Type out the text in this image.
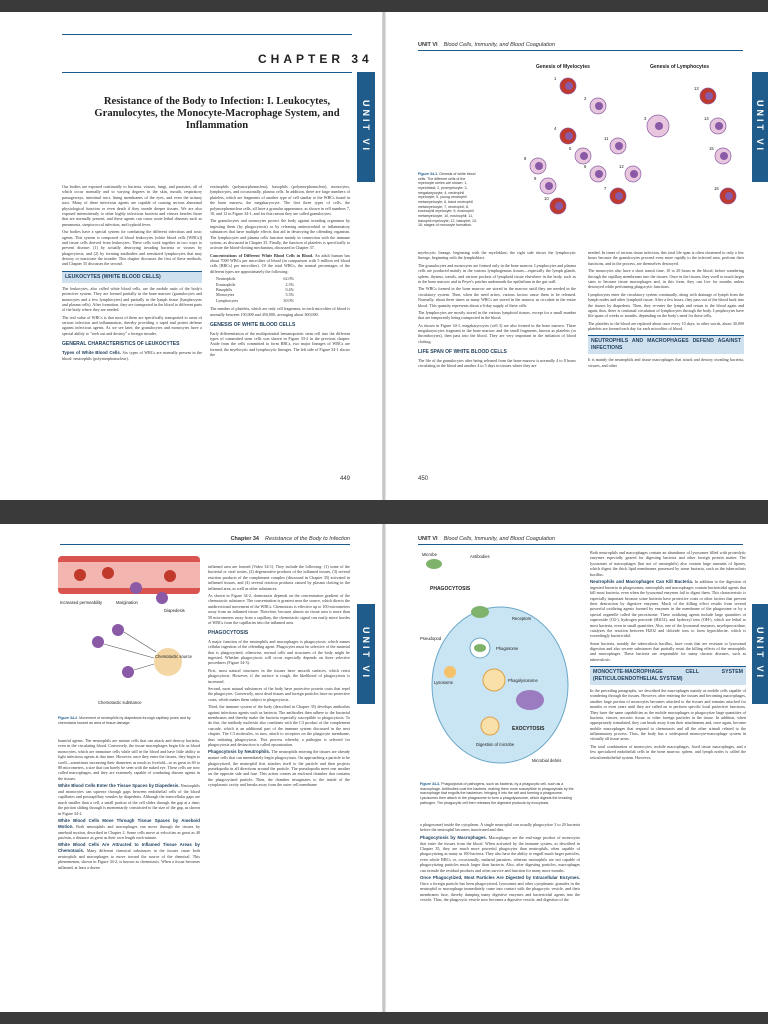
CHAPTER 34
Resistance of the Body to Infection: I. Leukocytes, Granulocytes, the Monocyte-Macrophage System, and Inflammation	UNIT VI

Our bodies are exposed continually to bacteria, viruses, fungi, and parasites, all of which occur normally and to varying degrees in the skin, mouth, respiratory passageways, intestinal tract, lining membranes of the eyes, and even the urinary tract. Many of these infectious agents are capable of causing serious abnormal physiological function or even death if they invade deeper tissues. We are also exposed intermittently to other highly infectious bacteria and viruses besides those that are normally present, and these agents can cause acute lethal diseases such as pneumonia, streptococcal infection, and typhoid fever.

Our bodies have a special system for combating the different infectious and toxic agents. This system is composed of blood leukocytes (white blood cells [WBCs]) and tissue cells derived from leukocytes. These cells work together in two ways to prevent disease: (1) by actually destroying invading bacteria or viruses by phagocytosis, and (2) by forming antibodies and sensitized lymphocytes that may destroy or inactivate the invader. This chapter discusses the first of these methods, and Chapter 35 discusses the second.

LEUKOCYTES (WHITE BLOOD CELLS)

The leukocytes, also called white blood cells, are the mobile units of the body's protective system. They are formed partially in the bone marrow (granulocytes and monocytes and a few lymphocytes) and partially in the lymph tissue (lymphocytes and plasma cells). After formation, they are transported in the blood to different parts of the body where they are needed.

The real value of WBCs is that most of them are specifically transported to areas of serious infection and inflammation, thereby providing a rapid and potent defense against infectious agents. As we see later, the granulocytes and monocytes have a special ability to "seek out and destroy" a foreign invader.

GENERAL CHARACTERISTICS OF LEUKOCYTES

Types of White Blood Cells. Six types of WBCs are normally present in the blood: neutrophils (polymorphonuclear),

eosinophils (polymorphonuclear), basophils (polymorphonuclear), monocytes, lymphocytes, and occasionally, plasma cells. In addition, there are large numbers of platelets, which are fragments of another type of cell similar to the WBCs found in the bone marrow, the megakaryocyte. The first three types of cells, the polymorphonuclear cells, all have a granular appearance, as shown in cell numbers 7, 10, and 12 in Figure 34-1, and for this reason they are called granulocytes.

The granulocytes and monocytes protect the body against invading organisms by ingesting them (by phagocytosis) or by releasing antimicrobial or inflammatory substances that have multiple effects that aid in destroying the offending organism. The lymphocytes and plasma cells function mainly in connection with the immune system, as discussed in Chapter 35. Finally, the function of platelets is specifically to activate the blood-clotting mechanism, discussed in Chapter 37.

Concentrations of Different White Blood Cells in Blood. An adult human has about 7000 WBCs per microliter of blood (in comparison with 5 million red blood cells [RBCs] per microliter). Of the total WBCs, the normal percentages of the different types are approximately the following:

Neutrophils	62.0%
Eosinophils	2.3%
Basophils	0.4%
Monocytes	5.3%
Lymphocytes	30.0%

The number of platelets, which are only cell fragments, in each microliter of blood is normally between 150,000 and 450,000, averaging about 300,000.

GENESIS OF WHITE BLOOD CELLS

Early differentiation of the multipotential hematopoietic stem cell into the different types of committed stem cells was shown in Figure 33-2 in the previous chapter. Aside from the cells committed to form RBCs, two major lineages of WBCs are formed, the myelocytic and lymphocytic lineages. The left side of Figure 34-1 shows the

449
UNIT VI Blood Cells, Immunity, and Blood Coagulation
UNIT VI
Genesis of Myelocytes	Genesis of Lymphocytes
1
2
3
4
5
6
7
8
9
10
11
12
13
14
15
16
Figure 34-1. Genesis of white blood cells. The different cells of the myelocyte series are shown: 1, myeloblast; 2, promyelocyte; 3, megakaryocyte; 4, neutrophil myelocyte; 5, young neutrophil metamyelocyte; 6, band neutrophil metamyelocyte; 7, neutrophil; 8, eosinophil myelocyte; 9, eosinophil metamyelocyte; 10, eosinophil; 11, basophil myelocyte; 12, basophil; 13-16, stages of monocyte formation.

myelocytic lineage, beginning with the myeloblast; the right side shows the lymphocytic lineage, beginning with the lymphoblast.

The granulocytes and monocytes are formed only in the bone marrow. Lymphocytes and plasma cells are produced mainly in the various lymphogenous tissues—especially the lymph glands, spleen, thymus, tonsils, and various pockets of lymphoid tissue elsewhere in the body, such as in the bone marrow and in Peyer's patches underneath the epithelium in the gut wall.

The WBCs formed in the bone marrow are stored in the marrow until they are needed in the circulatory system. Then, when the need arises, various factors cause them to be released. Normally, about three times as many WBCs are stored in the marrow as circulate in the entire blood. This quantity represents about a 6-day supply of these cells.

The lymphocytes are mostly stored in the various lymphoid tissues, except for a small number that are temporarily being transported in the blood.

As shown in Figure 34-1, megakaryocytes (cell 3) are also formed in the bone marrow. These megakaryocytes fragment in the bone marrow and the small fragments, known as platelets (or thrombocytes), then pass into the blood. They are very important in the initiation of blood clotting.

LIFE SPAN OF WHITE BLOOD CELLS

The life of the granulocytes after being released from the bone marrow is normally 4 to 8 hours circulating in the blood and another 4 to 5 days in tissues where they are

needed. In times of serious tissue infection, this total life span is often shortened to only a few hours because the granulocytes proceed even more rapidly to the infected area, perform their functions, and in the process, are themselves destroyed.

The monocytes also have a short transit time, 10 to 20 hours in the blood, before wandering through the capillary membranes into the tissues. Once in the tissues, they swell to much larger sizes to become tissue macrophages and, in this form, they can live for months unless destroyed while performing phagocytic functions.

Lymphocytes enter the circulatory system continually, along with drainage of lymph from the lymph nodes and other lymphoid tissue. After a few hours, they pass out of the blood back into the tissues by diapedesis. Then, they re-enter the lymph and return to the blood again and again; thus, there is continual circulation of lymphocytes through the body. Lymphocytes have life spans of weeks or months, depending on the body's need for these cells.

The platelets in the blood are replaced about once every 10 days; in other words, about 30,000 platelets are formed each day for each microliter of blood.

NEUTROPHILS AND MACROPHAGES DEFEND AGAINST INFECTIONS

It is mainly the neutrophils and tissue macrophages that attack and destroy invading bacteria, viruses, and other

450
Chapter 34 Resistance of the Body to Infection
UNIT VI
Increased permeability	Margination
Diapedesis
Chemotactic source
Chemotactic substance
Figure 34-2. Movement of neutrophils by diapedesis through capillary pores and by chemotaxis toward an area of tissue damage.

harmful agents. The neutrophils are mature cells that can attack and destroy bacteria, even in the circulating blood. Conversely, the tissue macrophages begin life as blood monocytes, which are immature cells while still in the blood and have little ability to fight infectious agents at that time. However, once they enter the tissues, they begin to swell—sometimes increasing their diameters as much as fivefold—to as great as 60 to 80 micrometers, a size that can barely be seen with the naked eye. These cells are now called macrophages, and they are extremely capable of combating disease agents in the tissues.

White Blood Cells Enter the Tissue Spaces by Diapedesis. Neutrophils and monocytes can squeeze through gaps between endothelial cells of the blood capillaries and postcapillary venules by diapedesis. Although the intercellular gaps are much smaller than a cell, a small portion of the cell slides through the gap at a time; the portion sliding through is momentarily constricted to the size of the gap, as shown in Figure 34-2.

White Blood Cells Move Through Tissue Spaces by Ameboid Motion. Both neutrophils and macrophages can move through the tissues by ameboid motion, described in Chapter 2. Some cells move at velocities as great as 40 μm/min, a distance as great as their own length each minute.

White Blood Cells Are Attracted to Inflamed Tissue Areas by Chemotaxis. Many different chemical substances in the tissues cause both neutrophils and macrophages to move toward the source of the chemical. This phenomenon, shown in Figure 34-2, is known as chemotaxis. When a tissue becomes inflamed, at least a dozen

inflamed area are formed (Video 34-1). They include the following: (1) some of the bacterial or viral toxins, (2) degenerative products of the inflamed tissues, (3) several reaction products of the complement complex (discussed in Chapter 35) activated in inflamed tissues, and (4) several reaction products caused by plasma clotting in the inflamed area, as well as other substances.

As shown in Figure 34-2, chemotaxis depends on the concentration gradient of the chemotactic substance. The concentration is greatest near the source, which directs the unidirectional movement of the WBCs. Chemotaxis is effective up to 100 micrometers away from an inflamed tissue. Therefore, because almost no tissue area is more than 50 micrometers away from a capillary, the chemotactic signal can easily move hordes of WBCs from the capillaries into the inflamed area.

PHAGOCYTOSIS

A major function of the neutrophils and macrophages is phagocytosis, which means cellular ingestion of the offending agent. Phagocytes must be selective of the material that is phagocytized; otherwise, normal cells and structures of the body might be ingested. Whether phagocytosis will occur especially depends on three selective procedures (Figure 34-3).

First, most natural structures in the tissues have smooth surfaces, which resist phagocytosis. However, if the surface is rough, the likelihood of phagocytosis is increased.

Second, most natural substances of the body have protective protein coats that repel the phagocytes. Conversely, most dead tissues and foreign particles have no protective coats, which makes them subject to phagocytosis.

Third, the immune system of the body (described in Chapter 35) develops antibodies against infectious agents such as bacteria. The antibodies then adhere to the bacterial membranes and thereby make the bacteria especially susceptible to phagocytosis. To do this, the antibody molecule also combines with the C3 product of the complement cascade, which is an additional part of the immune system discussed in the next chapter. The C3 molecules, in turn, attach to receptors on the phagocyte membrane, thus initiating phagocytosis. This process whereby a pathogen is selected for phagocytosis and destruction is called opsonization.

Phagocytosis by Neutrophils. The neutrophils entering the tissues are already mature cells that can immediately begin phagocytosis. On approaching a particle to be phagocytized, the neutrophil first attaches itself to the particle and then projects pseudopodia in all directions around the particle. The pseudopodia meet one another on the opposite side and fuse. This action creates an enclosed chamber that contains the phagocytized particle. Then, the chamber invaginates to the inside of the cytoplasmic cavity and breaks away from the outer cell membrane

UNIT VI Blood Cells, Immunity, and Blood Coagulation
UNIT VI
Microbe	Antibodies
PHAGOCYTOSIS
Receptors
Pseudopod
Phagosome
Lysosome	Phagolysosome
EXOCYTOSIS
Digestion of microbe
Microbial debris
Figure 34-3. Phagocytosis of pathogens, such as bacteria, by a phagocytic cell, such as a macrophage. Antibodies coat the bacteria, making them more susceptible to phagocytosis by the macrophage that engulfs the bacterium, bringing it into the cell and forming a phagosome. Lysosomes then attach to the phagosome to form a phagolysosome, which digests the invading pathogen. The phagocytic cell then releases the digested products by exocytosis.

a phagosome) inside the cytoplasm. A single neutrophil can usually phagocytize 3 to 20 bacteria before the neutrophil becomes inactivated and dies.

Phagocytosis by Macrophages. Macrophages are the end-stage product of monocytes that enter the tissues from the blood. When activated by the immune system, as described in Chapter 35, they are much more powerful phagocytes than neutrophils, often capable of phagocytizing as many as 100 bacteria. They also have the ability to engulf much larger particles, even whole RBCs or, occasionally, malarial parasites, whereas neutrophils are not capable of phagocytizing particles much larger than bacteria. Also, after digesting particles, macrophages can extrude the residual products and often survive and function for many more months.

Once Phagocytized, Most Particles Are Digested by Intracellular Enzymes. Once a foreign particle has been phagocytized, lysosomes and other cytoplasmic granules in the neutrophil or macrophage immediately come into contact with the phagocytic vesicle, and their membranes fuse, thereby dumping many digestive enzymes and bactericidal agents into the vesicle. Thus, the phagocytic vesicle now becomes a digestive vesicle, and digestion of the

Both neutrophils and macrophages contain an abundance of lysosomes filled with proteolytic enzymes especially geared for digesting bacteria and other foreign protein matter. The lysosomes of macrophages (but not of neutrophils) also contain large amounts of lipases, which digest the thick lipid membranes possessed by some bacteria, such as the tuberculosis bacillus.

Neutrophils and Macrophages Can Kill Bacteria. In addition to the digestion of ingested bacteria in phagosomes, neutrophils and macrophages contain bactericidal agents that kill most bacteria, even when the lysosomal enzymes fail to digest them. This characteristic is especially important because some bacteria have protective coats or other factors that prevent their destruction by digestive enzymes. Much of the killing effect results from several powerful oxidizing agents formed by enzymes in the membrane of the phagosome or by a special organelle called the peroxisome. These oxidizing agents include large quantities of superoxide (O2-), hydrogen peroxide (H2O2), and hydroxyl ions (OH-), which are lethal to most bacteria, even in small quantities. Also, one of the lysosomal enzymes, myeloperoxidase, catalyzes the reaction between H2O2 and chloride ions to form hypochlorite, which is exceedingly bactericidal.

Some bacteria, notably the tuberculosis bacillus, have coats that are resistant to lysosomal digestion and also secrete substances that partially resist the killing effects of the neutrophils and macrophages. These bacteria are responsible for many chronic diseases, such as tuberculosis.

MONOCYTE-MACROPHAGE CELL SYSTEM (RETICULOENDOTHELIAL SYSTEM)

In the preceding paragraphs, we described the macrophages mainly as mobile cells capable of wandering through the tissues. However, after entering the tissues and becoming macrophages, another large portion of monocytes becomes attached to the tissues and remains attached for months or even years until they are called on to perform specific local protective functions. They have the same capabilities as the mobile macrophages to phagocytize large quantities of bacteria, viruses, necrotic tissue, or other foreign particles in the tissue. In addition, when appropriately stimulated, they can break away from their attachments and, once again, become mobile macrophages that respond to chemotaxis and all the other stimuli related to the inflammatory process. Thus, the body has a widespread monocyte-macrophage system in virtually all tissue areas.

The total combination of monocytes, mobile macrophages, fixed tissue macrophages, and a few specialized endothelial cells in the bone marrow, spleen, and lymph nodes is called the reticuloendothelial system. However,
